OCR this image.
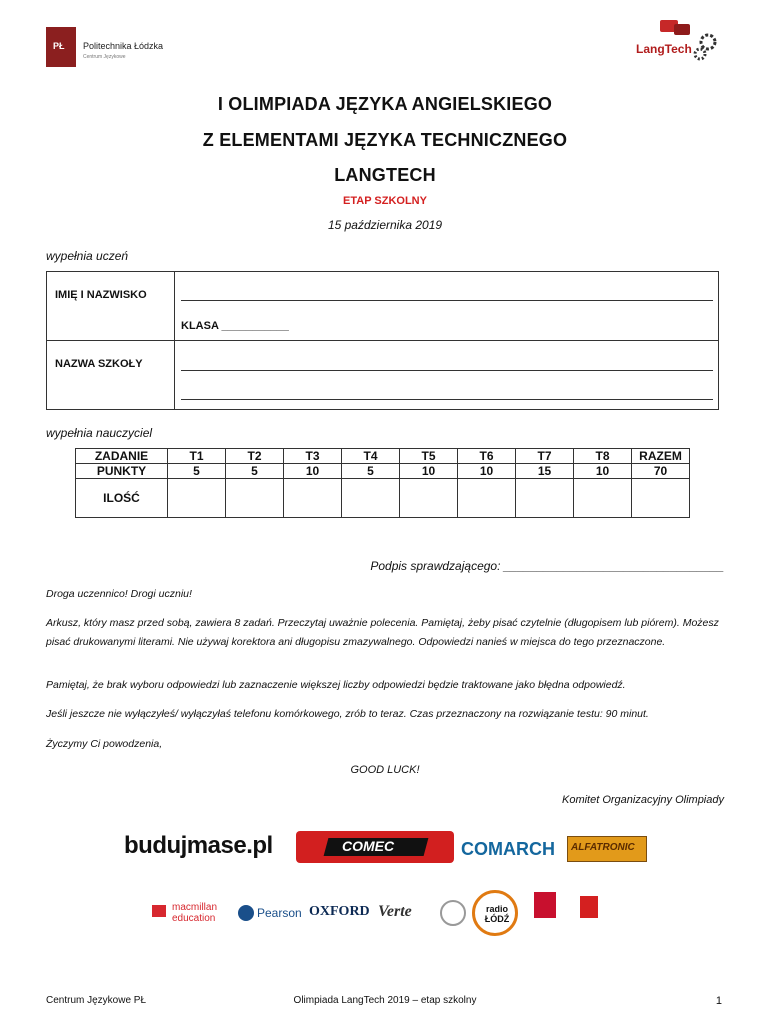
PŁ Politechnika Łódzka
Centrum Językowe
LangTech
I OLIMPIADA JĘZYKA ANGIELSKIEGO
Z ELEMENTAMI JĘZYKA TECHNICZNEGO
LANGTECH
ETAP SZKOLNY
15 października 2019
wypełnia uczeń
IMIĘ I NAZWISKO
KLASA ___________
NAZWA SZKOŁY
wypełnia nauczyciel
ZADANIE	T1	T2	T3	T4	T5	T6	T7	T8	RAZEM
PUNKTY	5	5	10	5	10	10	15	10	70
ILOŚĆ									
Podpis sprawdzającego: _________________________________
Droga uczennico! Drogi uczniu!
Arkusz, który masz przed sobą, zawiera 8 zadań. Przeczytaj uważnie polecenia. Pamiętaj, żeby pisać czytelnie (długopisem lub piórem). Możesz pisać drukowanymi literami. Nie używaj korektora ani długopisu zmazywalnego. Odpowiedzi nanieś w miejsca do tego przeznaczone.
Pamiętaj, że brak wyboru odpowiedzi lub zaznaczenie większej liczby odpowiedzi będzie traktowane jako błędna odpowiedź.
Jeśli jeszcze nie wyłączyłeś/ wyłączyłaś telefonu komórkowego, zrób to teraz. Czas przeznaczony na rozwiązanie testu: 90 minut.
Życzymy Ci powodzenia,
GOOD LUCK!
Komitet Organizacyjny Olimpiady
budujmase.pl	COMEC	COMARCH ALFATRONIC
macmillan education	Pearson OXFORD Verte	radio ŁÓDŹ
Centrum Językowe PŁ	Olimpiada LangTech 2019 – etap szkolny	1
